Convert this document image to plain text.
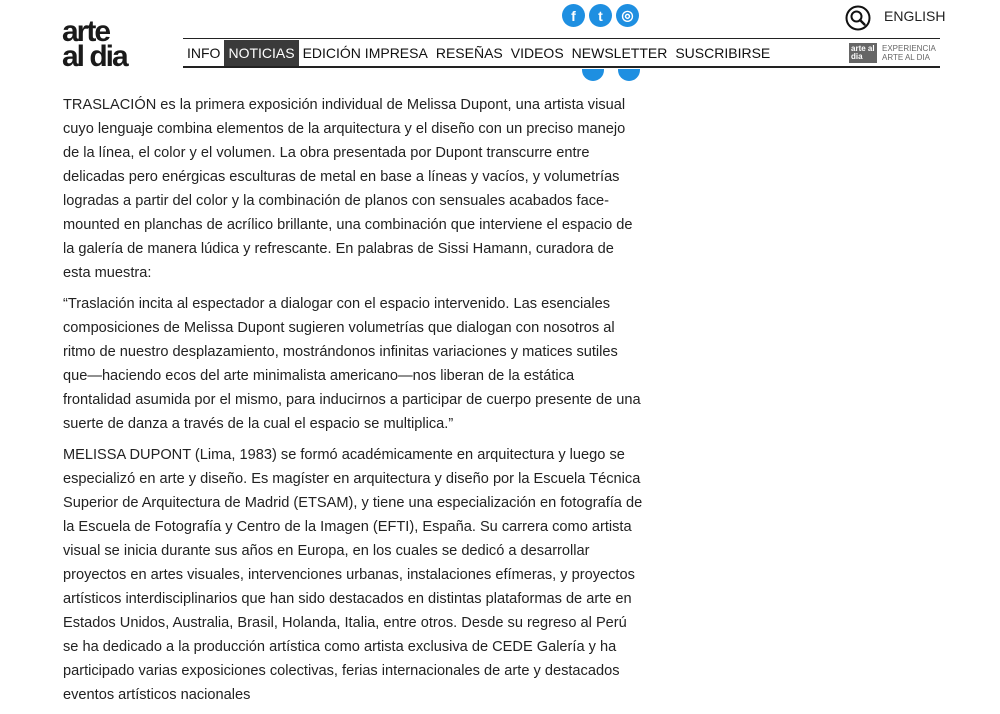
arte
al dia
f	t	◎	ENGLISH
INFO NOTICIAS EDICIÓN IMPRESA RESEÑAS VIDEOS NEWSLETTER SUSCRIBIRSE	arte al dia
EXPERIENCIA
ARTE AL DIA

TRASLACIÓN es la primera exposición individual de Melissa Dupont, una artista visual cuyo lenguaje combina elementos de la arquitectura y el diseño con un preciso manejo de la línea, el color y el volumen. La obra presentada por Dupont transcurre entre delicadas pero enérgicas esculturas de metal en base a líneas y vacíos, y volumetrías logradas a partir del color y la combinación de planos con sensuales acabados face-mounted en planchas de acrílico brillante, una combinación que interviene el espacio de la galería de manera lúdica y refrescante. En palabras de Sissi Hamann, curadora de esta muestra:

“Traslación incita al espectador a dialogar con el espacio intervenido. Las esenciales composiciones de Melissa Dupont sugieren volumetrías que dialogan con nosotros al ritmo de nuestro desplazamiento, mostrándonos infinitas variaciones y matices sutiles que—haciendo ecos del arte minimalista americano—nos liberan de la estática frontalidad asumida por el mismo, para inducirnos a participar de cuerpo presente de una suerte de danza a través de la cual el espacio se multiplica.”

MELISSA DUPONT (Lima, 1983) se formó académicamente en arquitectura y luego se especializó en arte y diseño. Es magíster en arquitectura y diseño por la Escuela Técnica Superior de Arquitectura de Madrid (ETSAM), y tiene una especialización en fotografía de la Escuela de Fotografía y Centro de la Imagen (EFTI), España. Su carrera como artista visual se inicia durante sus años en Europa, en los cuales se dedicó a desarrollar proyectos en artes visuales, intervenciones urbanas, instalaciones efímeras, y proyectos artísticos interdisciplinarios que han sido destacados en distintas plataformas de arte en Estados Unidos, Australia, Brasil, Holanda, Italia, entre otros. Desde su regreso al Perú se ha dedicado a la producción artística como artista exclusiva de CEDE Galería y ha participado varias exposiciones colectivas, ferias internacionales de arte y destacados eventos artísticos nacionales
